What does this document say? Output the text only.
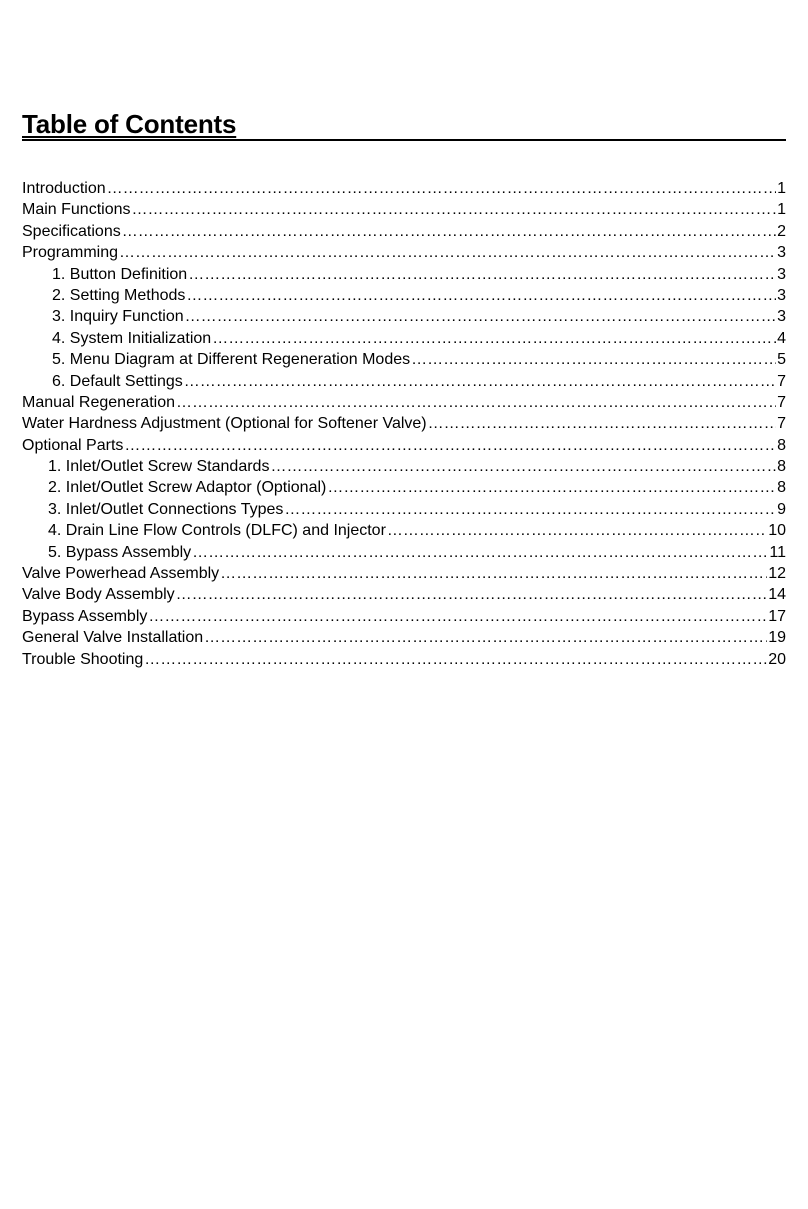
Table of Contents
Introduction ……………………………………………………………………………………………………………………………………………………………………………………………………	1
Main Functions ……………………………………………………………………………………………………………………………………………………………………………………………………	1
Specifications ……………………………………………………………………………………………………………………………………………………………………………………………………	2
Programming ……………………………………………………………………………………………………………………………………………………………………………………………………	3
1. Button Definition ……………………………………………………………………………………………………………………………………………………………………………………………………	3
2. Setting Methods ……………………………………………………………………………………………………………………………………………………………………………………………………	3
3. Inquiry Function ……………………………………………………………………………………………………………………………………………………………………………………………………	3
4. System Initialization ……………………………………………………………………………………………………………………………………………………………………………………………………	4
5. Menu Diagram at Different Regeneration Modes ……………………………………………………………………………………………………………………………………………………………………………………………………	5
6. Default Settings ……………………………………………………………………………………………………………………………………………………………………………………………………	7
Manual Regeneration ……………………………………………………………………………………………………………………………………………………………………………………………………	7
Water Hardness Adjustment (Optional for Softener Valve) ……………………………………………………………………………………………………………………………………………………………………………………………………	7
Optional Parts ……………………………………………………………………………………………………………………………………………………………………………………………………	8
1. Inlet/Outlet Screw Standards ……………………………………………………………………………………………………………………………………………………………………………………………………	8
2. Inlet/Outlet Screw Adaptor (Optional) ……………………………………………………………………………………………………………………………………………………………………………………………………	8
3. Inlet/Outlet Connections Types ……………………………………………………………………………………………………………………………………………………………………………………………………	9
4. Drain Line Flow Controls (DLFC) and Injector ……………………………………………………………………………………………………………………………………………………………………………………………………	10
5. Bypass Assembly ……………………………………………………………………………………………………………………………………………………………………………………………………	11
Valve Powerhead Assembly ……………………………………………………………………………………………………………………………………………………………………………………………………	12
Valve Body Assembly ……………………………………………………………………………………………………………………………………………………………………………………………………	14
Bypass Assembly ……………………………………………………………………………………………………………………………………………………………………………………………………	17
General Valve Installation ……………………………………………………………………………………………………………………………………………………………………………………………………	19
Trouble Shooting ……………………………………………………………………………………………………………………………………………………………………………………………………	20
